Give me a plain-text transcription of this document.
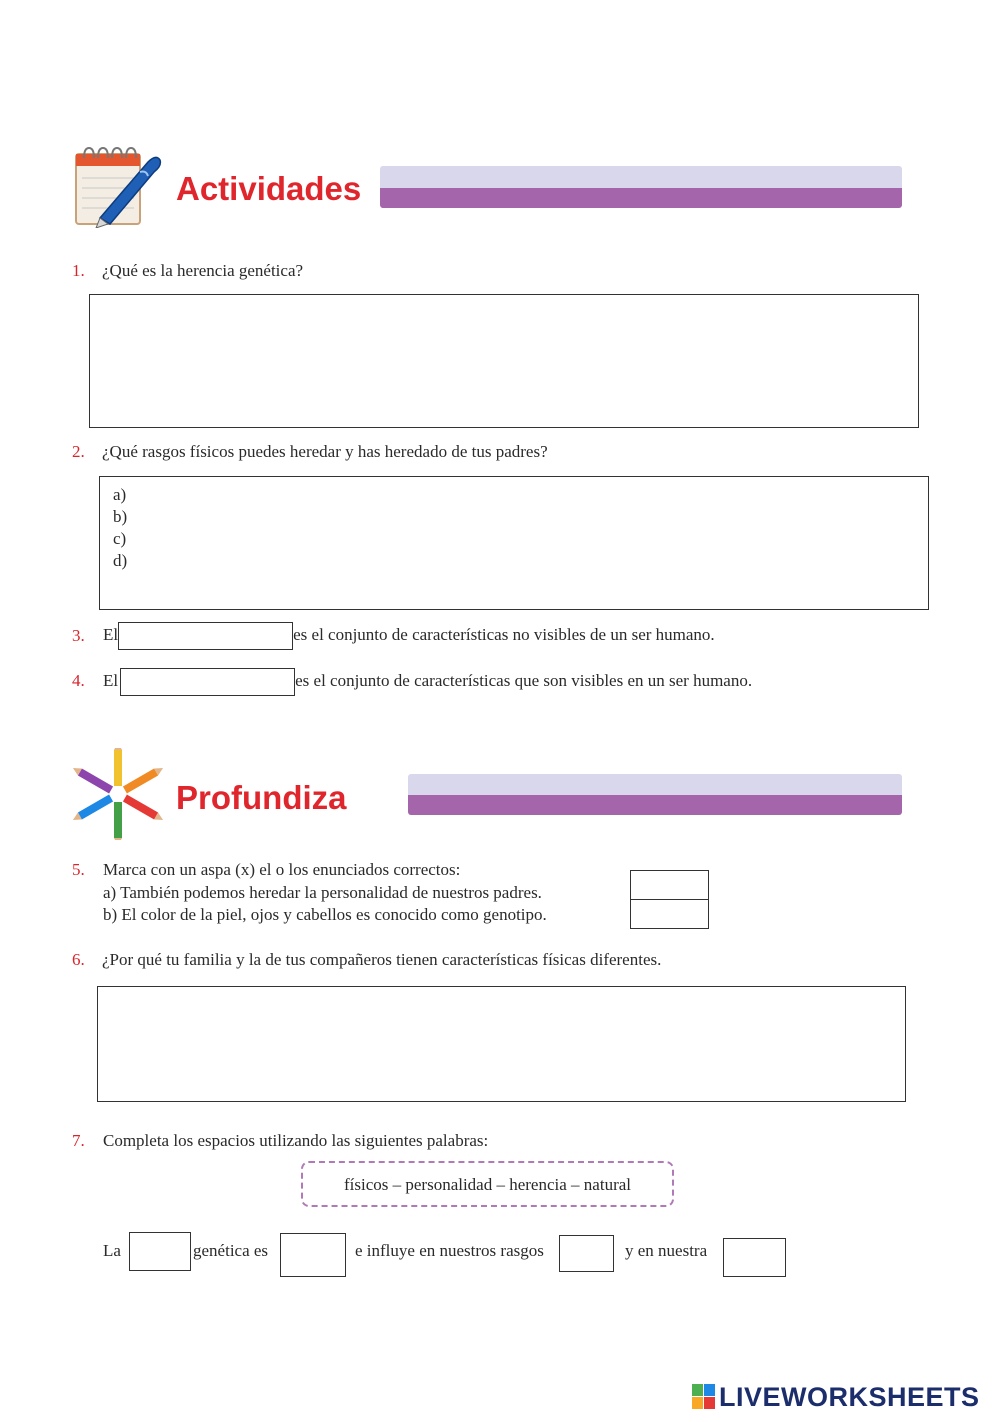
Actividades
1. ¿Qué es la herencia genética?
2. ¿Qué rasgos físicos puedes heredar y has heredado de tus padres?
a)
b)
c)
d)
3. El	es el conjunto de características no visibles de un ser humano.
4. El	es el conjunto de características que son visibles en un ser humano.
Profundiza
5. Marca con un aspa (x) el o los enunciados correctos:
a) También podemos heredar la personalidad de nuestros padres.
b) El color de la piel, ojos y cabellos es conocido como genotipo.
6. ¿Por qué tu familia y la de tus compañeros tienen características físicas diferentes.
7. Completa los espacios utilizando las siguientes palabras:
físicos – personalidad – herencia – natural
La	genética es	e influye en nuestros rasgos	y en nuestra
LIVEWORKSHEETS
